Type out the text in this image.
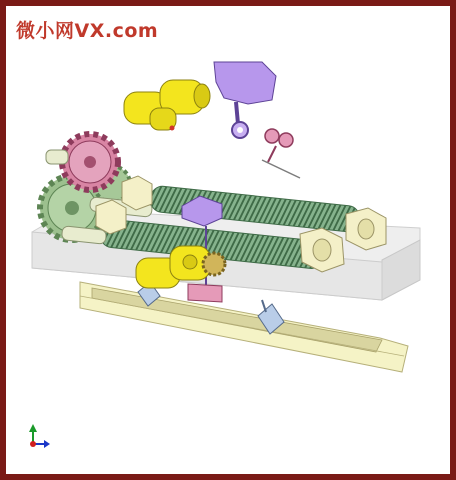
微小网VX.com
